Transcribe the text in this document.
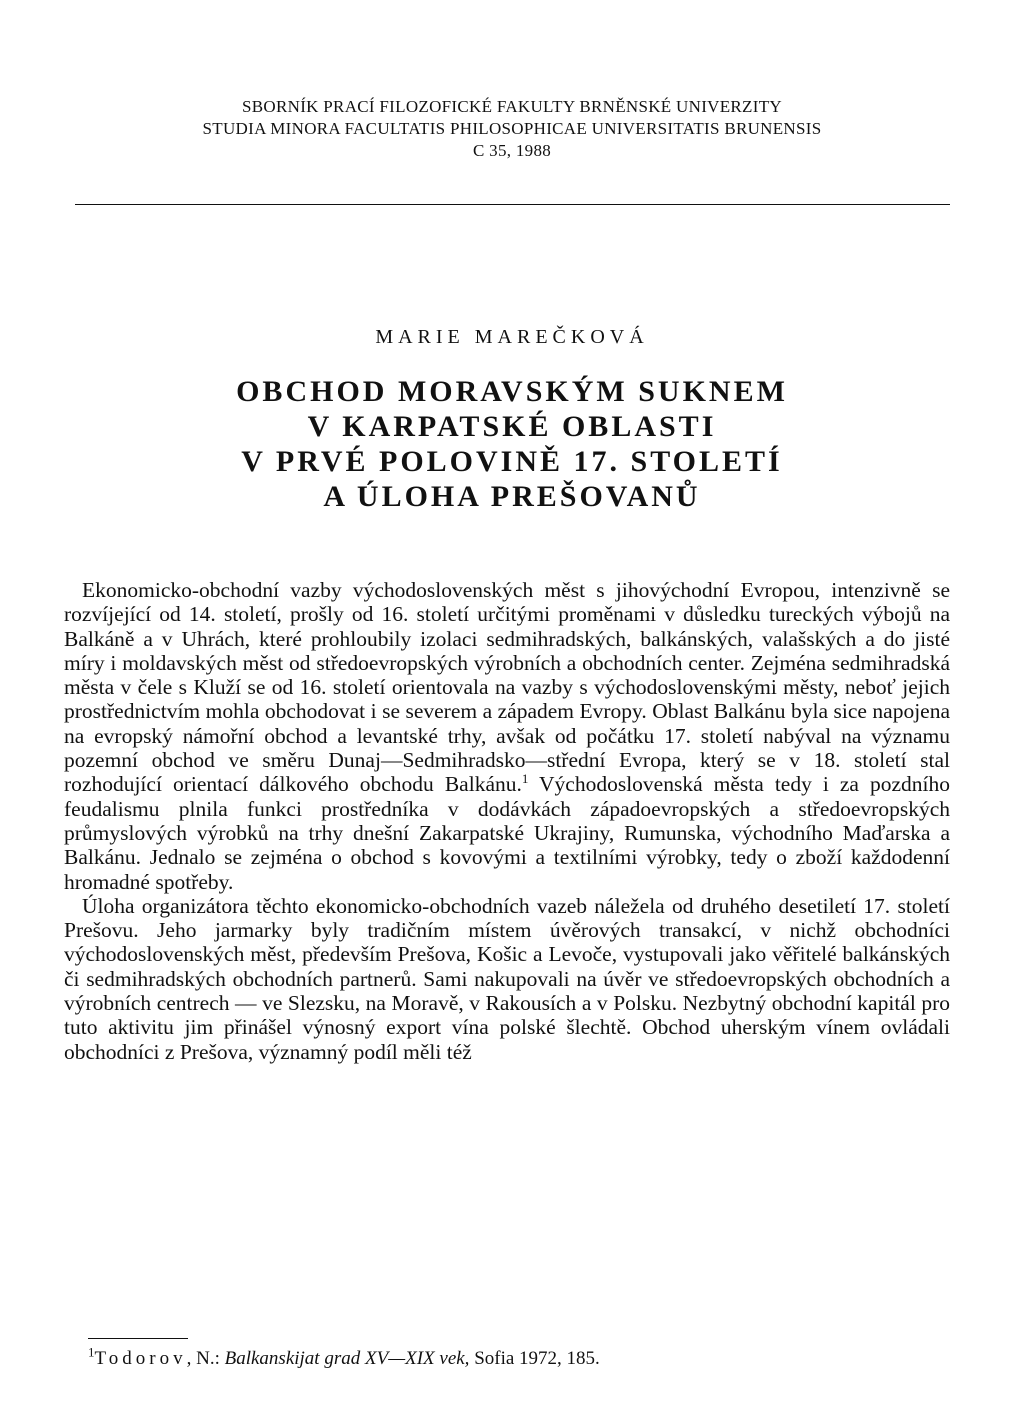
SBORNÍK PRACÍ FILOZOFICKÉ FAKULTY BRNĚNSKÉ UNIVERZITY
STUDIA MINORA FACULTATIS PHILOSOPHICAE UNIVERSITATIS BRUNENSIS
C 35, 1988
MARIE MAREČKOVÁ
OBCHOD MORAVSKÝM SUKNEM
V KARPATSKÉ OBLASTI
V PRVÉ POLOVINĚ 17. STOLETÍ
A ÚLOHA PREŠOVANŮ

Ekonomicko-obchodní vazby východoslovenských měst s jihovýchodní Evropou, intenzivně se rozvíjející od 14. století, prošly od 16. století určitými proměnami v důsledku tureckých výbojů na Balkáně a v Uhrách, které prohloubily izolaci sedmihradských, balkánských, valašských a do jisté míry i moldavských měst od středoevropských výrobních a obchodních center. Zejména sedmihradská města v čele s Kluží se od 16. století orientovala na vazby s východoslovenskými městy, neboť jejich prostřednictvím mohla obchodovat i se severem a západem Evropy. Oblast Balkánu byla sice napojena na evropský námořní obchod a levantské trhy, avšak od počátku 17. století nabýval na významu pozemní obchod ve směru Dunaj—Sedmihradsko—střední Evropa, který se v 18. století stal rozhodující orientací dálkového obchodu Balkánu.$^1$ Východoslovenská města tedy i za pozdního feudalismu plnila funkci prostředníka v dodávkách západoevropských a středoevropských průmyslových výrobků na trhy dnešní Zakarpatské Ukrajiny, Rumunska, východního Maďarska a Balkánu. Jednalo se zejména o obchod s kovovými a textilními výrobky, tedy o zboží každodenní hromadné spotřeby.

Úloha organizátora těchto ekonomicko-obchodních vazeb náležela od druhého desetiletí 17. století Prešovu. Jeho jarmarky byly tradičním místem úvěrových transakcí, v nichž obchodníci východoslovenských měst, především Prešova, Košic a Levoče, vystupovali jako věřitelé balkánských či sedmihradských obchodních partnerů. Sami nakupovali na úvěr ve středoevropských obchodních a výrobních centrech — ve Slezsku, na Moravě, v Rakousích a v Polsku. Nezbytný obchodní kapitál pro tuto aktivitu jim přinášel výnosný export vína polské šlechtě. Obchod uherským vínem ovládali obchodníci z Prešova, významný podíl měli též

$^1$Todorov, N.: Balkanskijat grad XV—XIX vek, Sofia 1972, 185.
